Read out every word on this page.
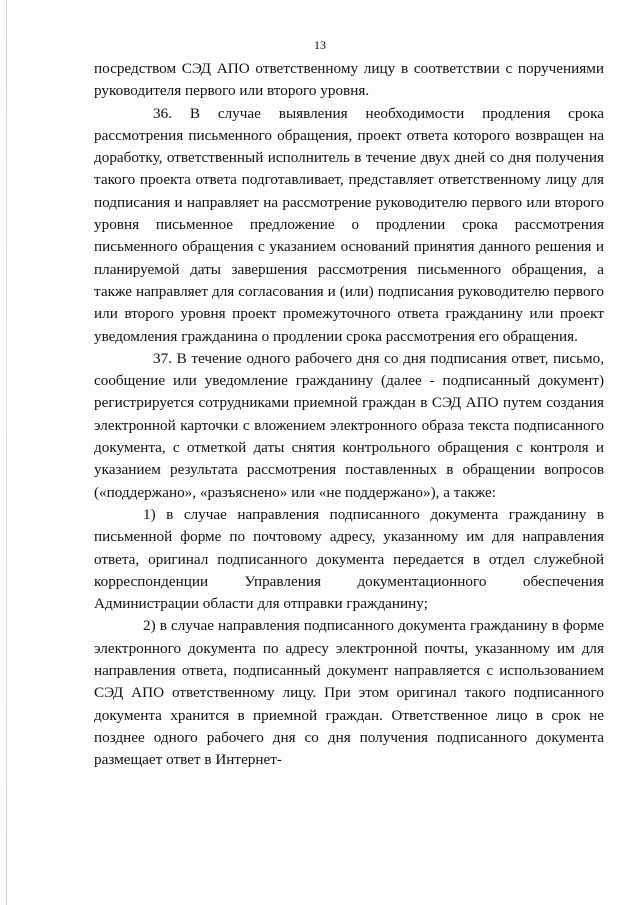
13

посредством СЭД АПО ответственному лицу в соответствии с поручениями руководителя первого или второго уровня.

36. В случае выявления необходимости продления срока рассмотрения письменного обращения, проект ответа которого возвращен на доработку, ответственный исполнитель в течение двух дней со дня получения такого проекта ответа подготавливает, представляет ответственному лицу для подписания и направляет на рассмотрение руководителю первого или второго уровня письменное предложение о продлении срока рассмотрения письменного обращения с указанием оснований принятия данного решения и планируемой даты завершения рассмотрения письменного обращения, а также направляет для согласования и (или) подписания руководителю первого или второго уровня проект промежуточного ответа гражданину или проект уведомления гражданина о продлении срока рассмотрения его обращения.

37. В течение одного рабочего дня со дня подписания ответ, письмо, сообщение или уведомление гражданину (далее - подписанный документ) регистрируется сотрудниками приемной граждан в СЭД АПО путем создания электронной карточки с вложением электронного образа текста подписанного документа, с отметкой даты снятия контрольного обращения с контроля и указанием результата рассмотрения поставленных в обращении вопросов («поддержано», «разъяснено» или «не поддержано»), а также:

1) в случае направления подписанного документа гражданину в письменной форме по почтовому адресу, указанному им для направления ответа, оригинал подписанного документа передается в отдел служебной корреспонденции Управления документационного обеспечения Администрации области для отправки гражданину;

2) в случае направления подписанного документа гражданину в форме электронного документа по адресу электронной почты, указанному им для направления ответа, подписанный документ направляется с использованием СЭД АПО ответственному лицу. При этом оригинал такого подписанного документа хранится в приемной граждан. Ответственное лицо в срок не позднее одного рабочего дня со дня получения подписанного документа размещает ответ в Интернет-
